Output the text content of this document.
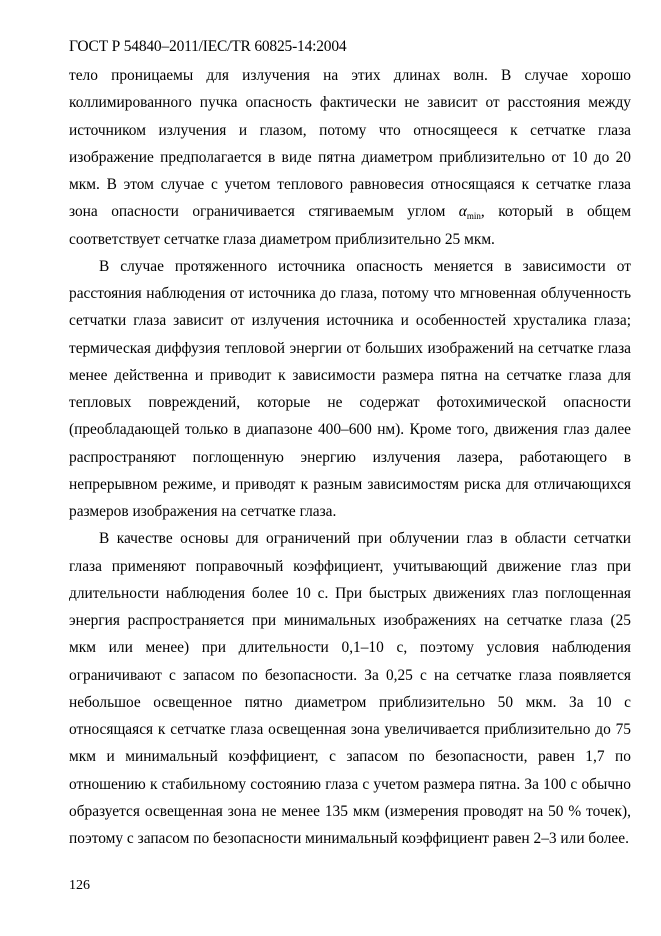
ГОСТ Р 54840–2011/IEC/TR 60825-14:2004

тело проницаемы для излучения на этих длинах волн. В случае хорошо коллимированного пучка опасность фактически не зависит от расстояния между источником излучения и глазом, потому что относящееся к сетчатке глаза изображение предполагается в виде пятна диаметром приблизительно от 10 до 20 мкм. В этом случае с учетом теплового равновесия относящаяся к сетчатке глаза зона опасности ограничивается стягиваемым углом $\alpha_{min}$, который в общем соответствует сетчатке глаза диаметром приблизительно 25 мкм.

В случае протяженного источника опасность меняется в зависимости от расстояния наблюдения от источника до глаза, потому что мгновенная облученность сетчатки глаза зависит от излучения источника и особенностей хрусталика глаза; термическая диффузия тепловой энергии от больших изображений на сетчатке глаза менее действенна и приводит к зависимости размера пятна на сетчатке глаза для тепловых повреждений, которые не содержат фотохимической опасности (преобладающей только в диапазоне 400–600 нм). Кроме того, движения глаз далее распространяют поглощенную энергию излучения лазера, работающего в непрерывном режиме, и приводят к разным зависимостям риска для отличающихся размеров изображения на сетчатке глаза.

В качестве основы для ограничений при облучении глаз в области сетчатки глаза применяют поправочный коэффициент, учитывающий движение глаз при длительности наблюдения более 10 с. При быстрых движениях глаз поглощенная энергия распространяется при минимальных изображениях на сетчатке глаза (25 мкм или менее) при длительности 0,1–10 с, поэтому условия наблюдения ограничивают с запасом по безопасности. За 0,25 с на сетчатке глаза появляется небольшое освещенное пятно диаметром приблизительно 50 мкм. За 10 с относящаяся к сетчатке глаза освещенная зона увеличивается приблизительно до 75 мкм и минимальный коэффициент, с запасом по безопасности, равен 1,7 по отношению к стабильному состоянию глаза с учетом размера пятна. За 100 с обычно образуется освещенная зона не менее 135 мкм (измерения проводят на 50 % точек), поэтому с запасом по безопасности минимальный коэффициент равен 2–3 или более.

126
